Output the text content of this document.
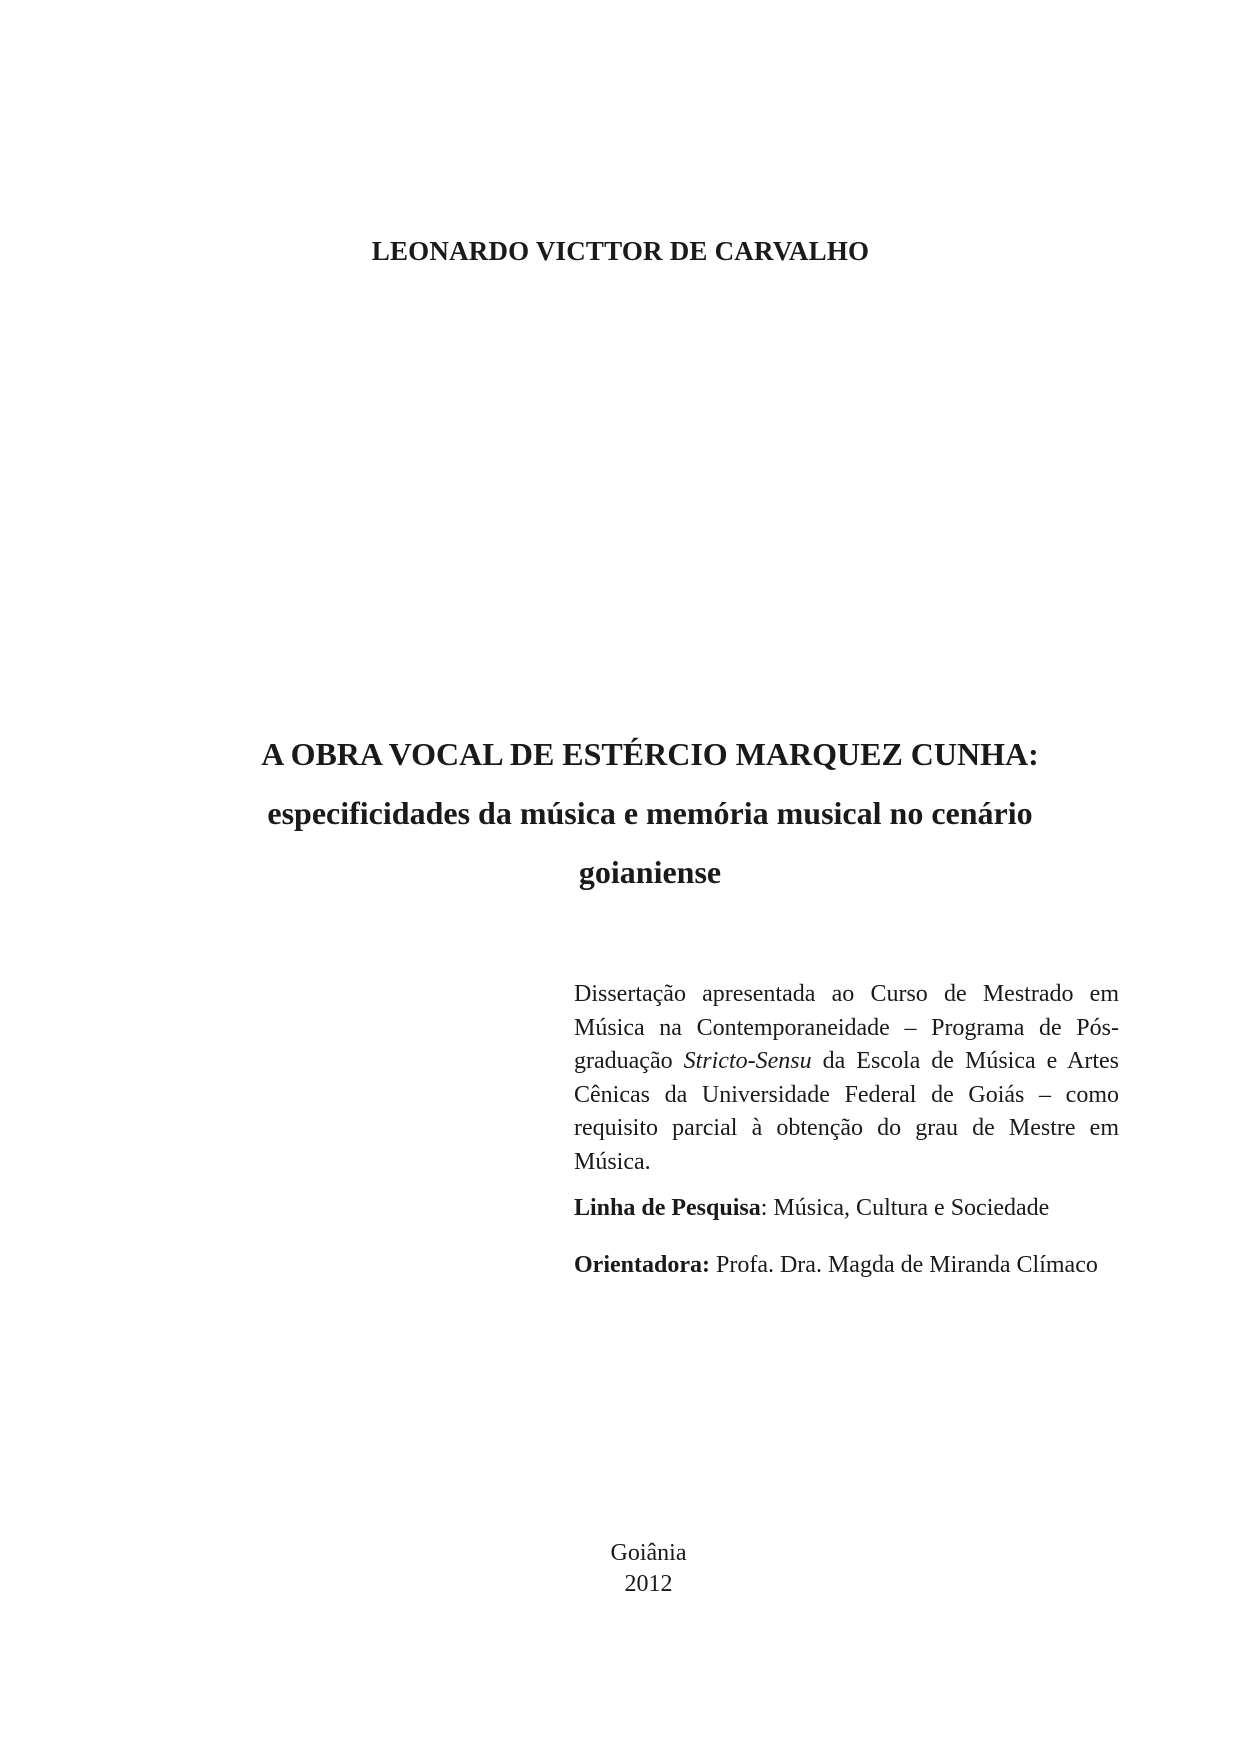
LEONARDO VICTTOR DE CARVALHO
A OBRA VOCAL DE ESTÉRCIO MARQUEZ CUNHA:
especificidades da música e memória musical no cenário
goianiense

Dissertação apresentada ao Curso de Mestrado em Música na Contemporaneidade – Programa de Pós-graduação Stricto-Sensu da Escola de Música e Artes Cênicas da Universidade Federal de Goiás – como requisito parcial à obtenção do grau de Mestre em Música.

Linha de Pesquisa: Música, Cultura e Sociedade
Orientadora: Profa. Dra. Magda de Miranda Clímaco
Goiânia
2012
